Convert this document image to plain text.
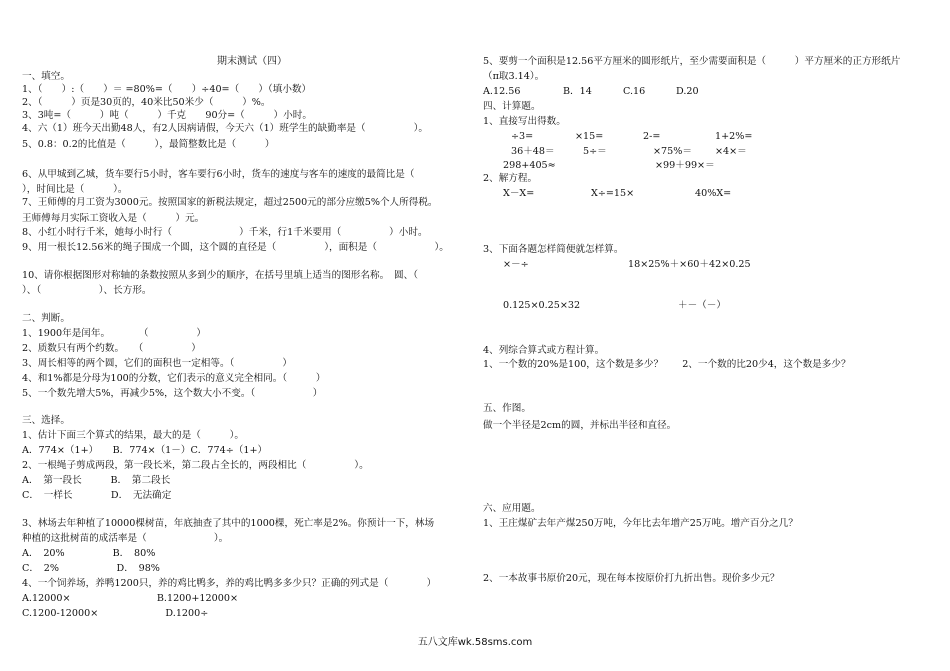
期末测试（四）
一、填空。
1、（　　）:（　　）＝ =80%=（　　）÷40=（　　）（填小数）
2、（　　　）页是30页的，40米比50米少（　　　）%。
3、3吨=（　　　）吨（　　　）千克　　90分=（　　　）小时。
4、六（1）班今天出勤48人，有2人因病请假，今天六（1）班学生的缺勤率是（　　　　　）。
5、0.8：0.2的比值是（　　　），最简整数比是（　　　）
6、从甲城到乙城，货车要行5小时，客车要行6小时，货车的速度与客车的速度的最简比是（
），时间比是（　　　）。
7、王师傅的月工资为3000元。按照国家的新税法规定，超过2500元的部分应缴5%个人所得税。
王师傅每月实际工资收入是（　　　）元。
8、小红小时行千米，她每小时行（　　　　　　　）千米，行1千米要用（　　　　　）小时。
9、用一根长12.56米的绳子围成一个圆，这个圆的直径是（　　　　　），面积是（　　　　　　）。
10、请你根据图形对称轴的条数按照从多到少的顺序，在括号里填上适当的图形名称。　圆、（
）、（　　　　　　）、长方形。
二、判断。
1、1900年是闰年。　　　　（　　　　　）
2、质数只有两个约数。　　（　　　　　）
3、周长相等的两个圆，它们的面积也一定相等。（　　　　　）
4、和1%都是分母为100的分数，它们表示的意义完全相同。（　　　）
5、一个数先增大5%，再减少5%，这个数大小不变。（　　　　　　）
三、选择。
1、估计下面三个算式的结果，最大的是（　　　）。
A．774×（1+）　　B．774×（1－）C．774÷（1+）
2、一根绳子剪成两段，第一段长米，第二段占全长的，两段相比（　　　　　）。
A．　第一段长　　　B．　第二段长
C．　一样长　　　　D．　无法确定
3、林场去年种植了10000棵树苗，年底抽查了其中的1000棵，死亡率是2%。你预计一下，林场
种植的这批树苗的成活率是（　　　　　　　）。
A．　20%　　　　　B．　80%
C．　2%　　　　　　D．　98%
4、一个饲养场，养鸭1200只，养的鸡比鸭多，养的鸡比鸭多多少只？正确的列式是（　　　　）
A.12000×　　　　　　　　　B.1200+12000×
C.1200-12000×　　　　　　　D.1200÷
5、要剪一个面积是12.56平方厘米的圆形纸片，至少需要面积是（　　　）平方厘米的正方形纸片
（π取3.14）。
A.12.56	B．14	C.16	D.20
四、计算题。
1、直接写出得数。
÷3=	×15=	2-=	1+2%=
36＋48＝	5÷＝	×75%＝ ×4×＝
298+405≈	×99＋99×＝
2、解方程。
X－X=	X÷=15×	40%X=
3、下面各题怎样简便就怎样算。
×－÷	18×25%＋×60＋42×0.25
0.125×0.25×32	＋－（－）
4、列综合算式或方程计算。
1、一个数的20%是100，这个数是多少？　　2、一个数的比20少4，这个数是多少？
五、作图。
做一个半径是2cm的圆，并标出半径和直径。
六、应用题。
1、王庄煤矿去年产煤250万吨，今年比去年增产25万吨。增产百分之几？
2、一本故事书原价20元，现在每本按原价打九折出售。现价多少元？
五八文库wk.58sms.com
